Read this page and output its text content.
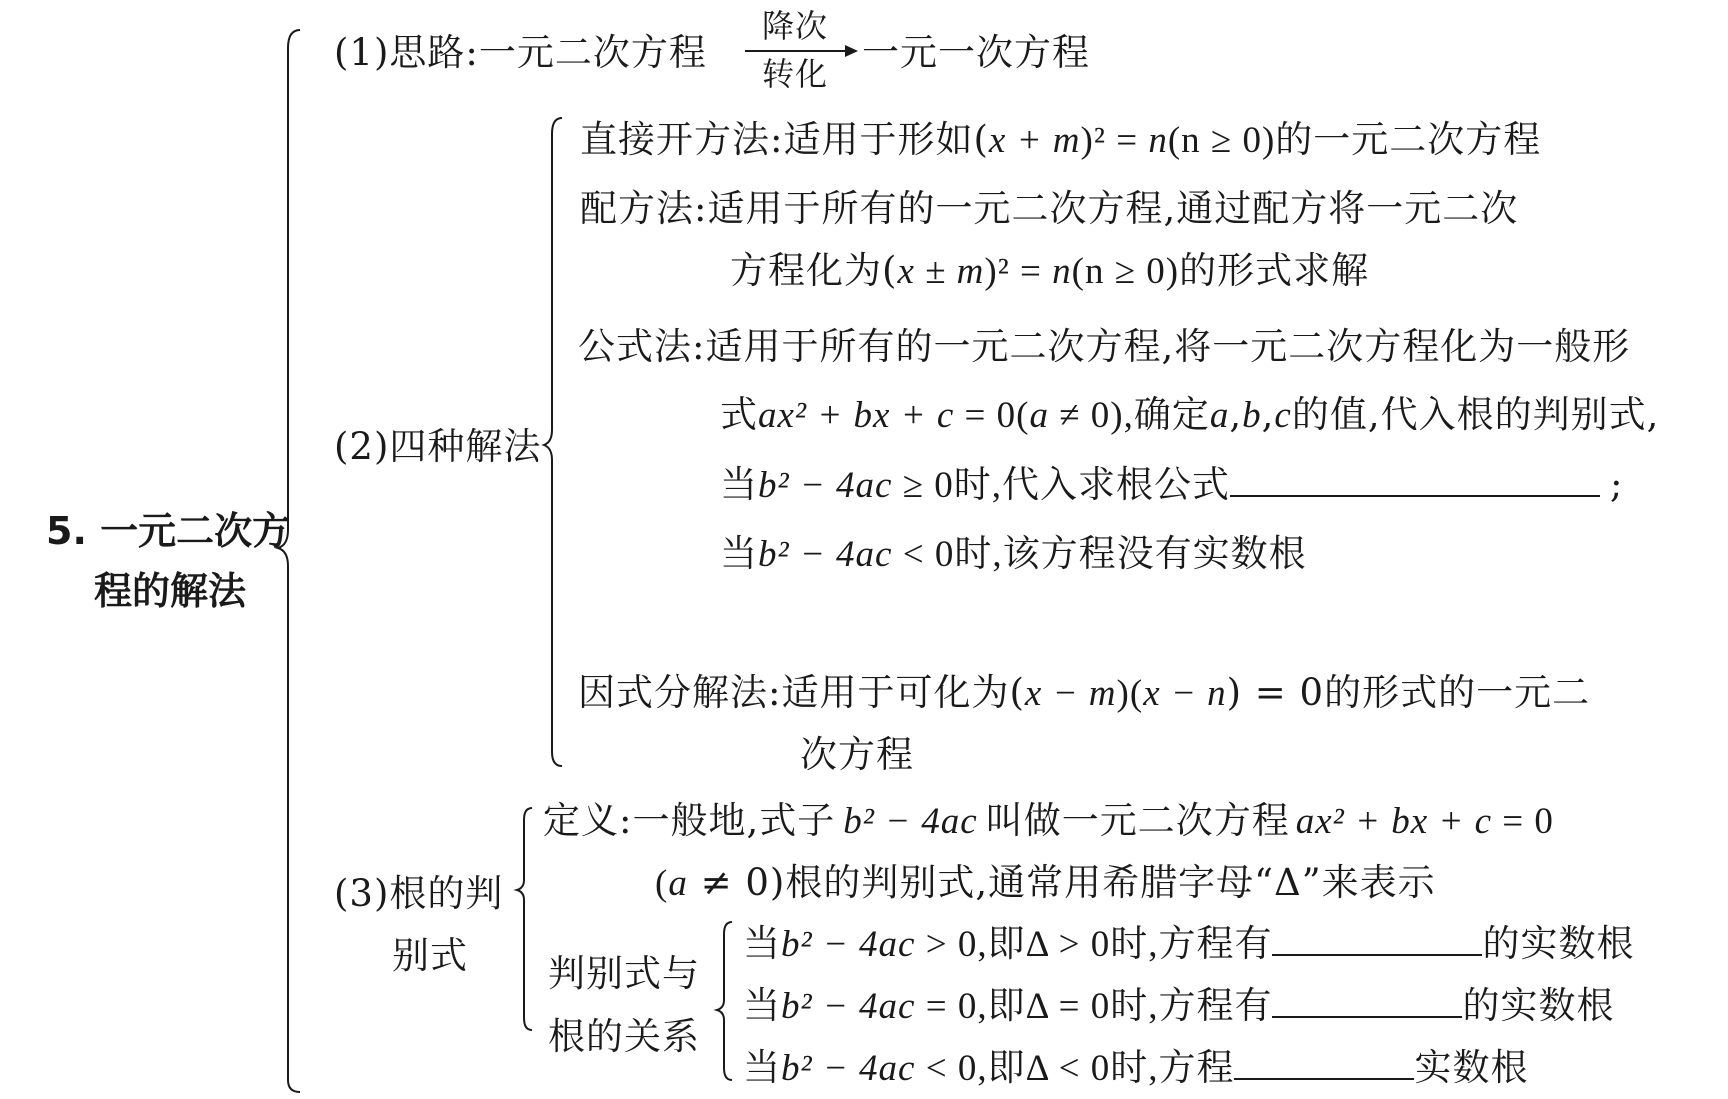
5. 一元二次方
程的解法
(1)思路:一元二次方程
降次
转化 一元一次方程
(2)四种解法
直接开方法:适用于形如(x + m)² = n(n ≥ 0)的一元二次方程
配方法:适用于所有的一元二次方程,通过配方将一元二次
方程化为(x ± m)² = n(n ≥ 0)的形式求解
公式法:适用于所有的一元二次方程,将一元二次方程化为一般形
式ax² + bx + c = 0(a ≠ 0),确定a,b,c的值,代入根的判别式,
当b² − 4ac ≥ 0时,代入求根公式	;
当b² − 4ac < 0时,该方程没有实数根
因式分解法:适用于可化为(x − m)(x − n) = 0的形式的一元二
次方程
(3)根的判
别式
定义:一般地,式子 b² − 4ac 叫做一元二次方程 ax² + bx + c = 0
(a ≠ 0)根的判别式,通常用希腊字母“Δ”来表示
判别式与
根的关系
当b² − 4ac > 0,即Δ > 0时,方程有	的实数根
当b² − 4ac = 0,即Δ = 0时,方程有	的实数根
当b² − 4ac < 0,即Δ < 0时,方程	实数根
